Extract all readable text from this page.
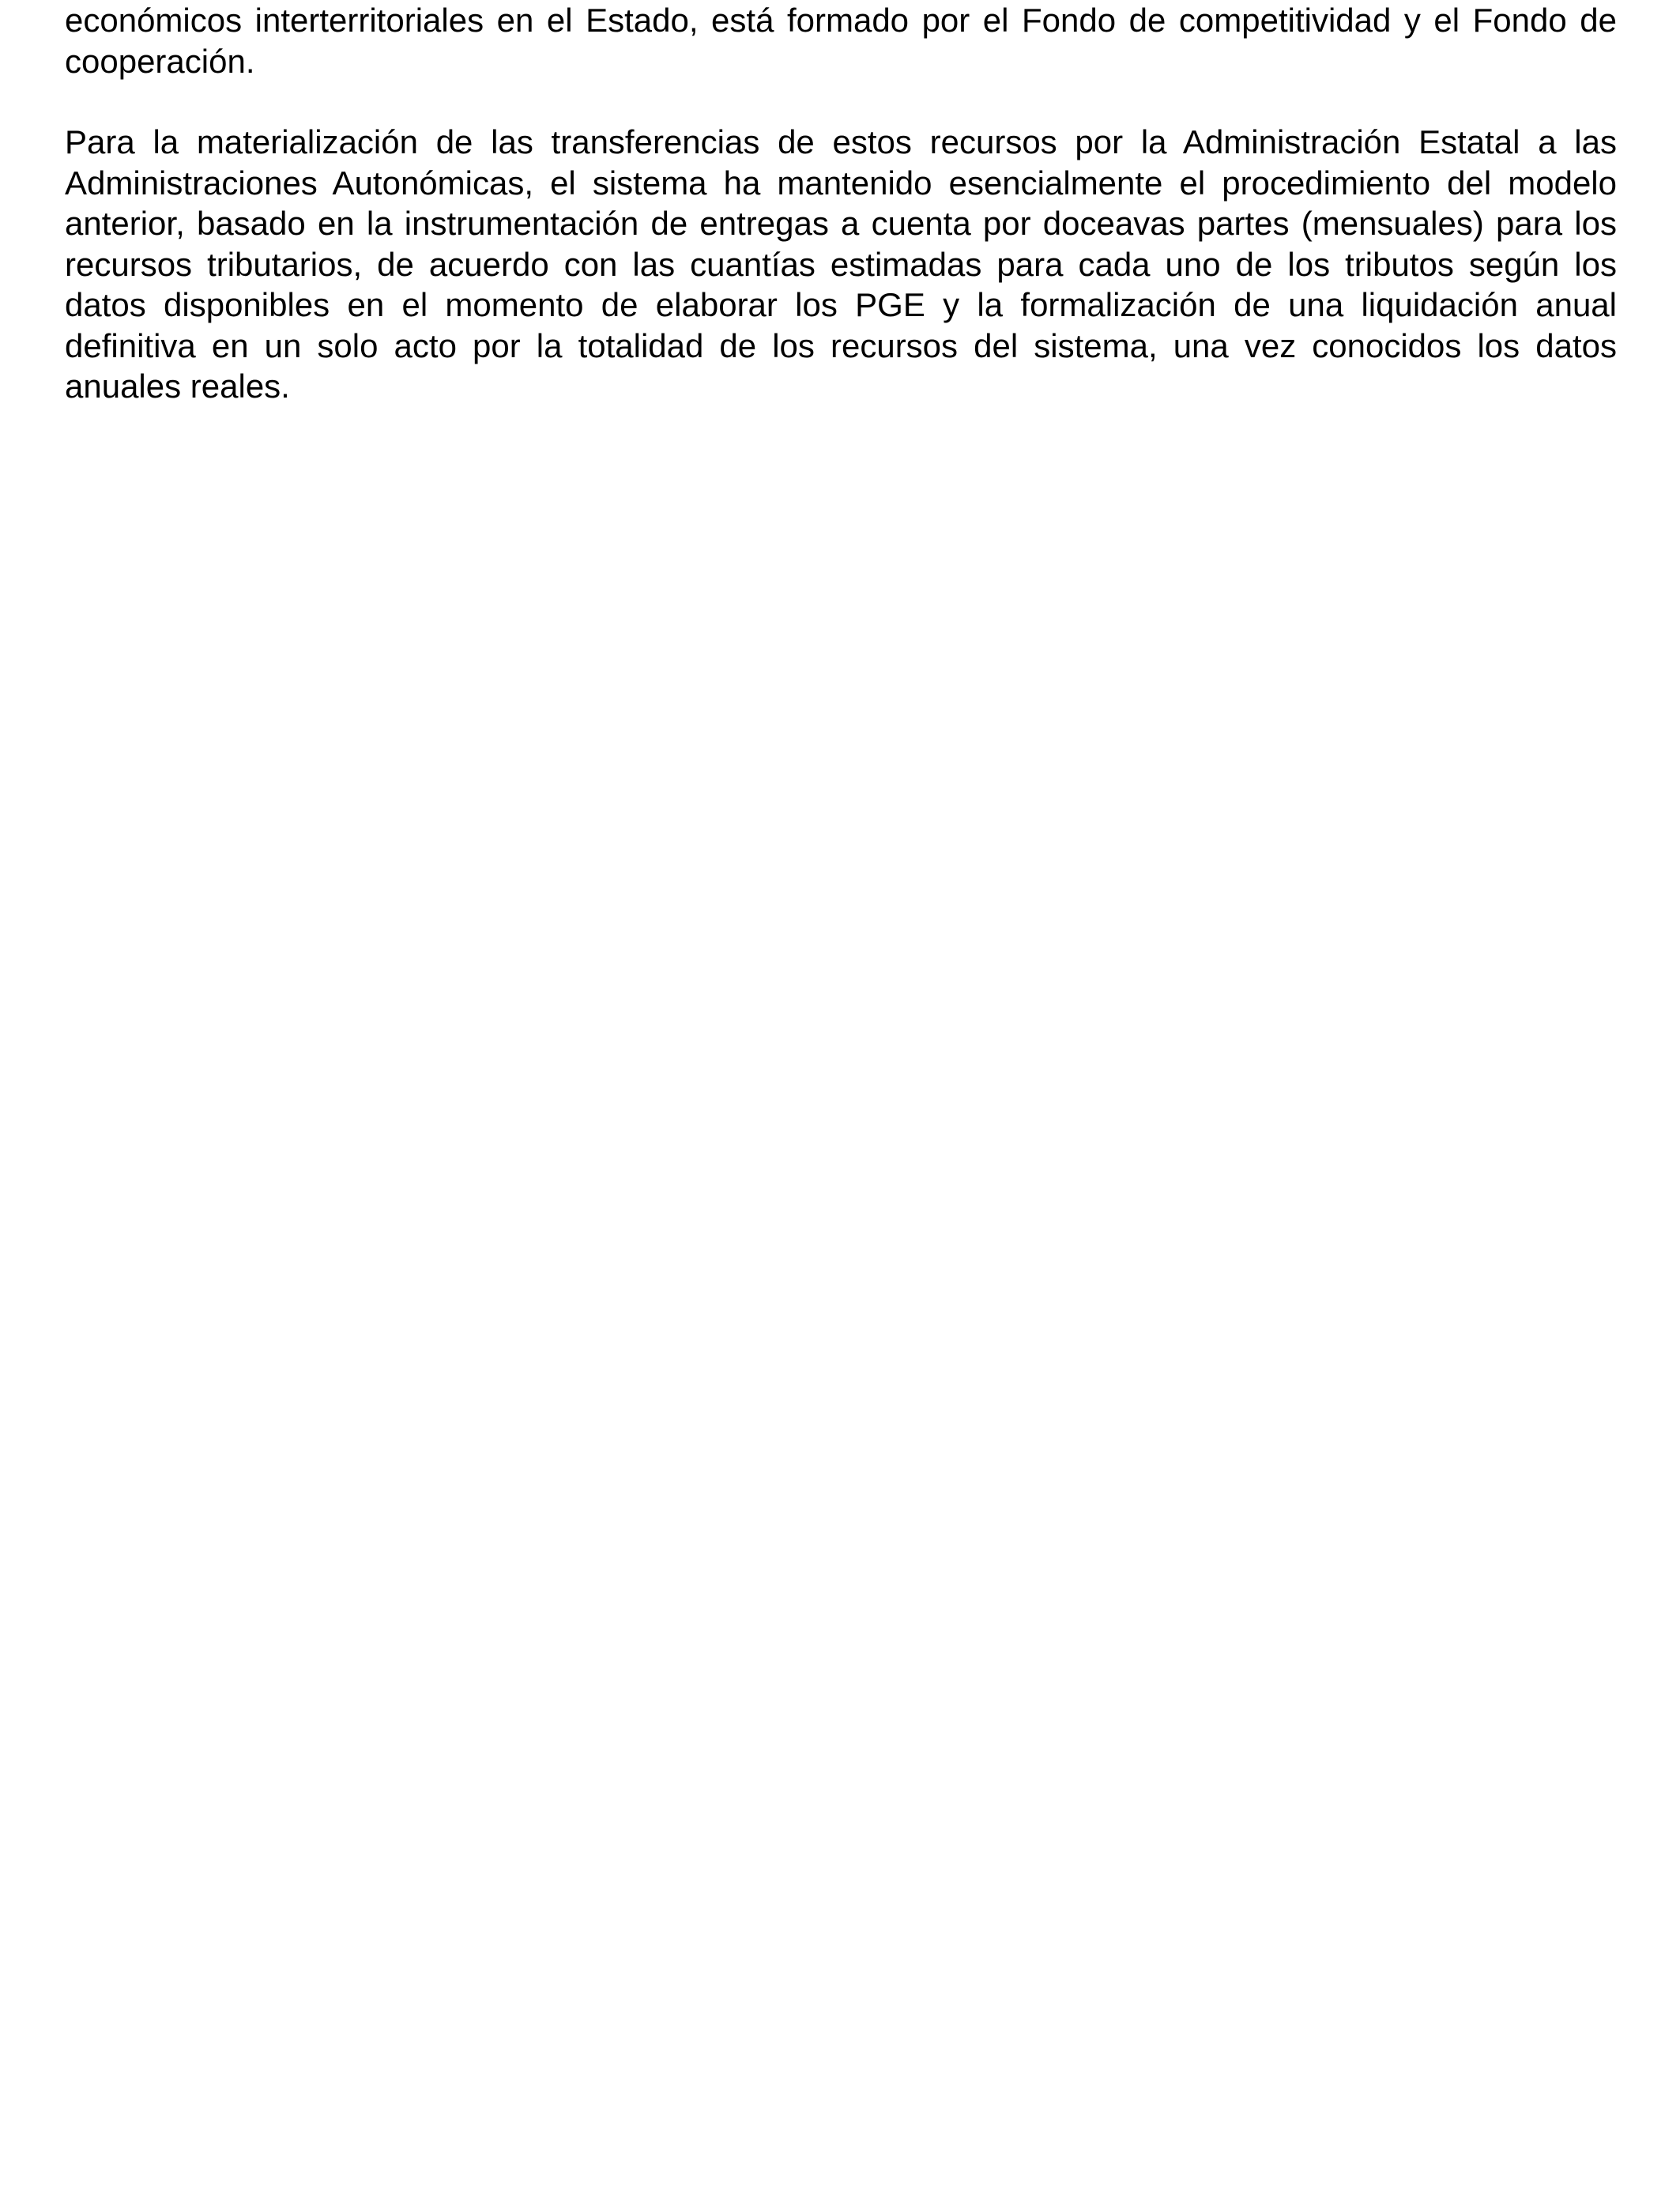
económicos interterritoriales en el Estado, está formado por el Fondo de competitividad y el Fondo de cooperación.

Para la materialización de las transferencias de estos recursos por la Administración Estatal a las Administraciones Autonómicas, el sistema ha mantenido esencialmente el procedimiento del modelo anterior, basado en la instrumentación de entregas a cuenta por doceavas partes (mensuales) para los recursos tributarios, de acuerdo con las cuantías estimadas para cada uno de los tributos según los datos disponibles en el momento de elaborar los PGE y la formalización de una liquidación anual definitiva en un solo acto por la totalidad de los recursos del sistema, una vez conocidos los datos anuales reales.
